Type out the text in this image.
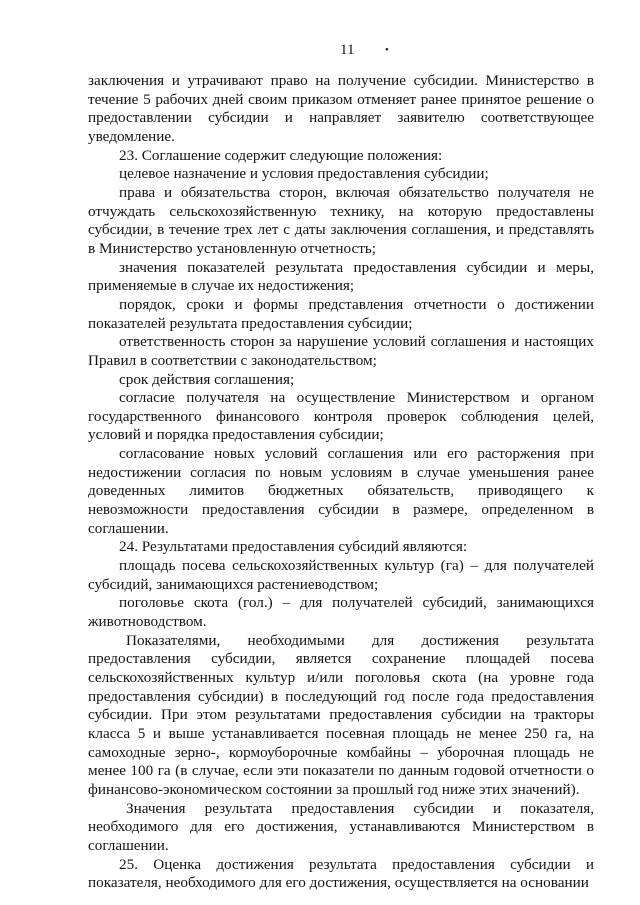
11	•

заключения и утрачивают право на получение субсидии. Министерство в течение 5 рабочих дней своим приказом отменяет ранее принятое решение о предоставлении субсидии и направляет заявителю соответствующее уведомление.

23. Соглашение содержит следующие положения:

целевое назначение и условия предоставления субсидии;

права и обязательства сторон, включая обязательство получателя не отчуждать сельскохозяйственную технику, на которую предоставлены субсидии, в течение трех лет с даты заключения соглашения, и представлять в Министерство установленную отчетность;

значения показателей результата предоставления субсидии и меры, применяемые в случае их недостижения;

порядок, сроки и формы представления отчетности о достижении показателей результата предоставления субсидии;

ответственность сторон за нарушение условий соглашения и настоящих Правил в соответствии с законодательством;

срок действия соглашения;

согласие получателя на осуществление Министерством и органом государственного финансового контроля проверок соблюдения целей, условий и порядка предоставления субсидии;

согласование новых условий соглашения или его расторжения при недостижении согласия по новым условиям в случае уменьшения ранее доведенных лимитов бюджетных обязательств, приводящего к невозможности предоставления субсидии в размере, определенном в соглашении.

24. Результатами предоставления субсидий являются:

площадь посева сельскохозяйственных культур (га) – для получателей субсидий, занимающихся растениеводством;

поголовье скота (гол.) – для получателей субсидий, занимающихся животноводством.

Показателями, необходимыми для достижения результата предоставления субсидии, является сохранение площадей посева сельскохозяйственных культур и/или поголовья скота (на уровне года предоставления субсидии) в последующий год после года предоставления субсидии. При этом результатами предоставления субсидии на тракторы класса 5 и выше устанавливается посевная площадь не менее 250 га, на самоходные зерно-, кормоуборочные комбайны – уборочная площадь не менее 100 га (в случае, если эти показатели по данным годовой отчетности о финансово-экономическом состоянии за прошлый год ниже этих значений).

Значения результата предоставления субсидии и показателя, необходимого для его достижения, устанавливаются Министерством в соглашении.

25. Оценка достижения результата предоставления субсидии и показателя, необходимого для его достижения, осуществляется на основании
